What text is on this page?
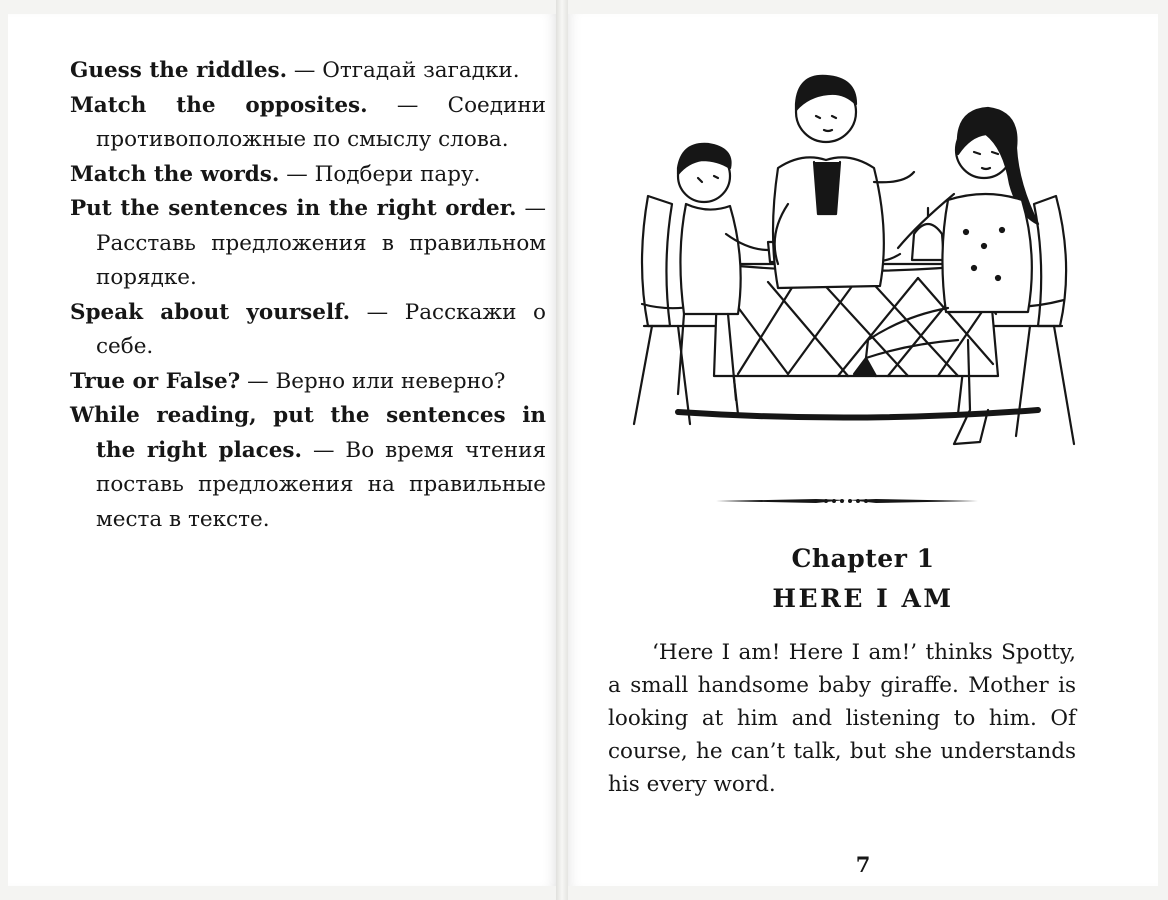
Guess the riddles. — Отгадай загадки.
Match the opposites. — Соедини противоположные по смыслу слова.
Match the words. — Подбери пару.
Put the sentences in the right order. — Расставь предложения в правильном порядке.
Speak about yourself. — Расскажи о себе.
True or False? — Верно или неверно?
While reading, put the sentences in the right places. — Во время чтения поставь предложения на правильные места в тексте.
Chapter 1
HERE I AM

‘Here I am! Here I am!’ thinks Spotty, a small handsome baby giraffe. Mother is looking at him and listening to him. Of course, he can’t talk, but she understands his every word.

7
